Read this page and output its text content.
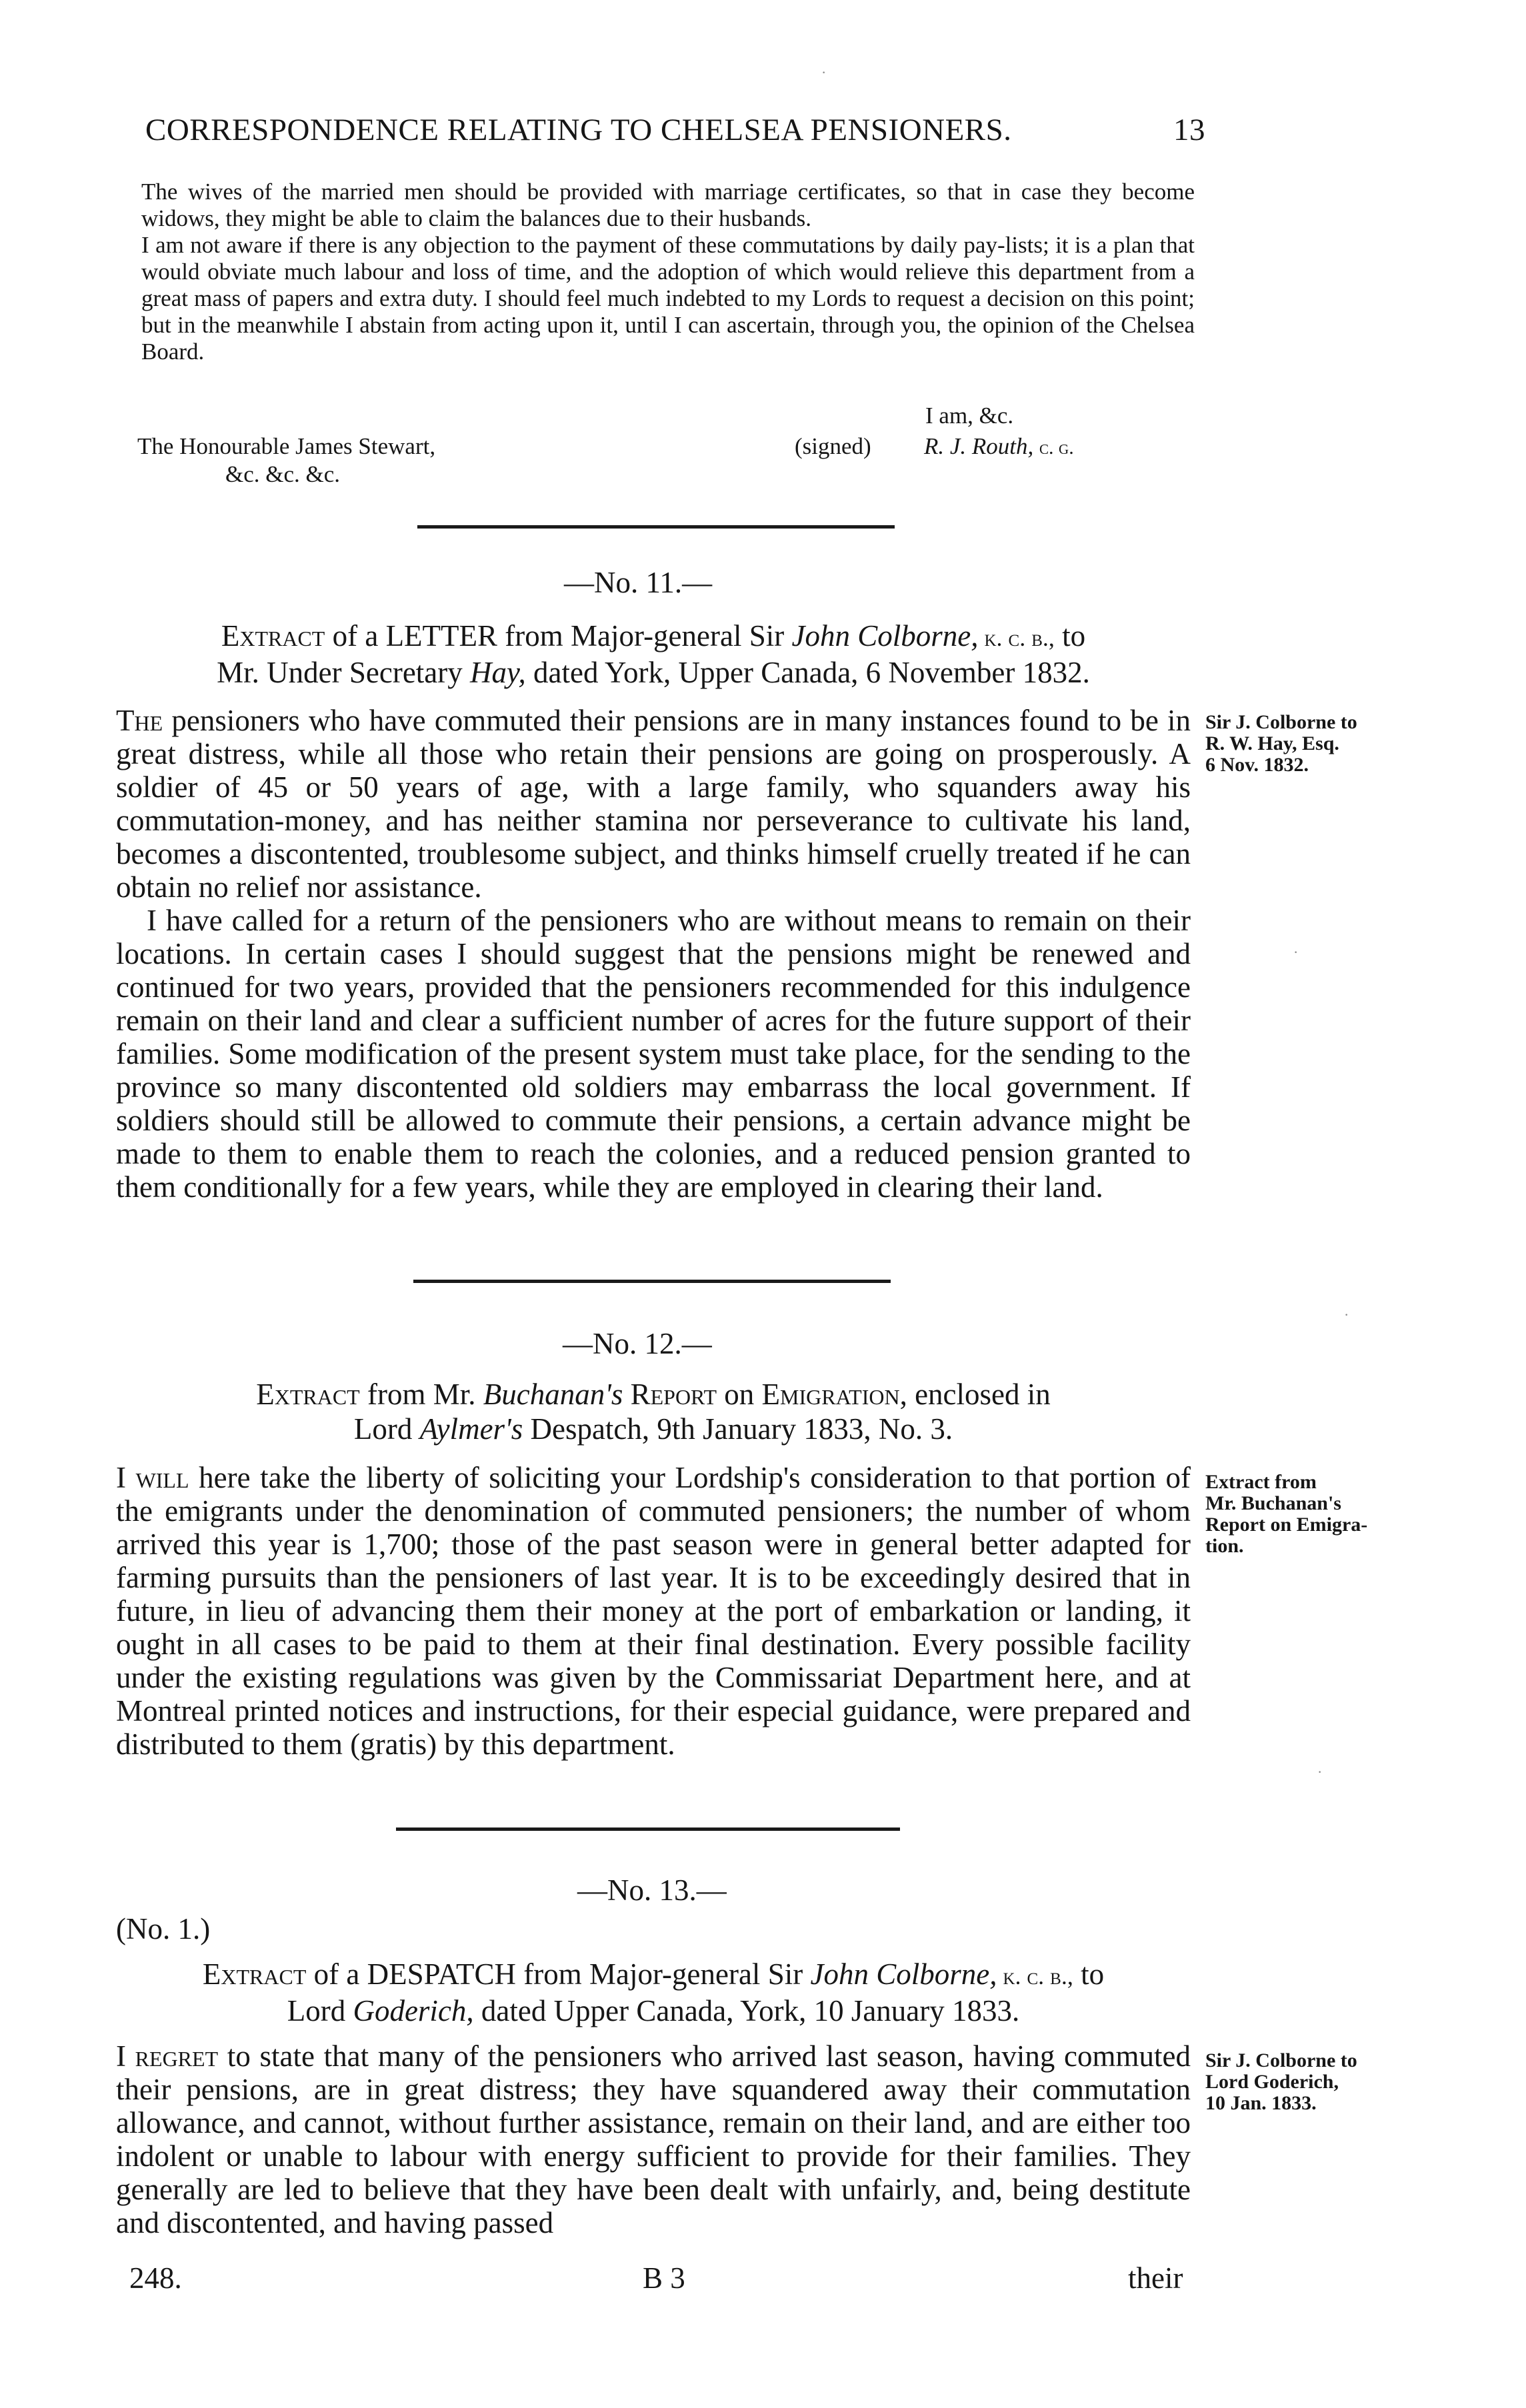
CORRESPONDENCE RELATING TO CHELSEA PENSIONERS.	13

The wives of the married men should be provided with marriage certificates, so that in case they become widows, they might be able to claim the balances due to their husbands.

I am not aware if there is any objection to the payment of these commutations by daily pay-lists; it is a plan that would obviate much labour and loss of time, and the adoption of which would relieve this department from a great mass of papers and extra duty. I should feel much indebted to my Lords to request a decision on this point; but in the meanwhile I abstain from acting upon it, until I can ascertain, through you, the opinion of the Chelsea Board.

I am, &c.
The Honourable James Stewart,
&c. &c. &c.
(signed) R. J. Routh, c. g.
—No. 11.—
Extract of a LETTER from Major-general Sir John Colborne, k. c. b., to
Mr. Under Secretary Hay, dated York, Upper Canada, 6 November 1832.

The pensioners who have commuted their pensions are in many instances found to be in great distress, while all those who retain their pensions are going on prosperously. A soldier of 45 or 50 years of age, with a large family, who squanders away his commutation-money, and has neither stamina nor perseverance to cultivate his land, becomes a discontented, troublesome subject, and thinks himself cruelly treated if he can obtain no relief nor assistance.

I have called for a return of the pensioners who are without means to remain on their locations. In certain cases I should suggest that the pensions might be renewed and continued for two years, provided that the pensioners recommended for this indulgence remain on their land and clear a sufficient number of acres for the future support of their families. Some modification of the present system must take place, for the sending to the province so many discontented old soldiers may embarrass the local government. If soldiers should still be allowed to commute their pensions, a certain advance might be made to them to enable them to reach the colonies, and a reduced pension granted to them conditionally for a few years, while they are employed in clearing their land.

Sir J. Colborne to
R. W. Hay, Esq.
6 Nov. 1832.
—No. 12.—
Extract from Mr. Buchanan's Report on Emigration, enclosed in
Lord Aylmer's Despatch, 9th January 1833, No. 3.

I will here take the liberty of soliciting your Lordship's consideration to that portion of the emigrants under the denomination of commuted pensioners; the number of whom arrived this year is 1,700; those of the past season were in general better adapted for farming pursuits than the pensioners of last year. It is to be exceedingly desired that in future, in lieu of advancing them their money at the port of embarkation or landing, it ought in all cases to be paid to them at their final destination. Every possible facility under the existing regulations was given by the Commissariat Department here, and at Montreal printed notices and instructions, for their especial guidance, were prepared and distributed to them (gratis) by this department.

Extract from
Mr. Buchanan's
Report on Emigra-
tion.
—No. 13.—
(No. 1.)
Extract of a DESPATCH from Major-general Sir John Colborne, k. c. b., to
Lord Goderich, dated Upper Canada, York, 10 January 1833.

I regret to state that many of the pensioners who arrived last season, having commuted their pensions, are in great distress; they have squandered away their commutation allowance, and cannot, without further assistance, remain on their land, and are either too indolent or unable to labour with energy sufficient to provide for their families. They generally are led to believe that they have been dealt with unfairly, and, being destitute and discontented, and having passed

Sir J. Colborne to
Lord Goderich,
10 Jan. 1833.
248.	B 3	their
·
·
·
·
